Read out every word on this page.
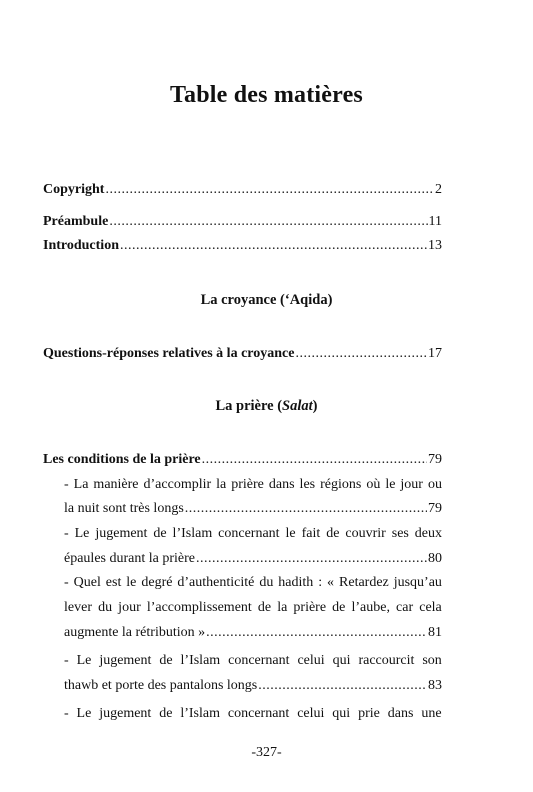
Table des matières
Copyright .....	2
Préambule .....	11
Introduction .....	13
La croyance (‘Aqida)
Questions-réponses relatives à la croyance .....	17
La prière (Salat)
Les conditions de la prière .....	79
- La manière d’accomplir la prière dans les régions où le jour ou
la nuit sont très longs .....	79
- Le jugement de l’Islam concernant le fait de couvrir ses deux
épaules durant la prière .....	80
- Quel est le degré d’authenticité du hadith : « Retardez jusqu’au
lever du jour l’accomplissement de la prière de l’aube, car cela
augmente la rétribution » .....	81
- Le jugement de l’Islam concernant celui qui raccourcit son
thawb et porte des pantalons longs .....	83
- Le jugement de l’Islam concernant celui qui prie dans une
-327-
